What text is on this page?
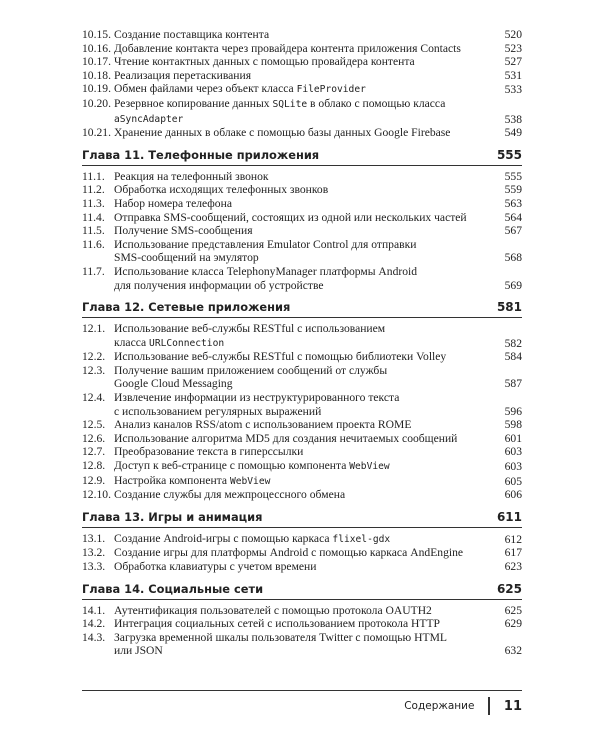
10.15. Создание поставщика контента	520
10.16. Добавление контакта через провайдера контента приложения Contacts	523
10.17. Чтение контактных данных с помощью провайдера контента	527
10.18. Реализация перетаскивания	531
10.19. Обмен файлами через объект класса FileProvider	533
10.20. Резервное копирование данных SQLite в облако с помощью класса
aSyncAdapter	538
10.21. Хранение данных в облаке с помощью базы данных Google Firebase	549
Глава 11. Телефонные приложения	555
11.1. Реакция на телефонный звонок	555
11.2. Обработка исходящих телефонных звонков	559
11.3. Набор номера телефона	563
11.4. Отправка SMS-сообщений, состоящих из одной или нескольких частей	564
11.5. Получение SMS-сообщения	567
11.6. Использование представления Emulator Control для отправки
SMS-сообщений на эмулятор	568
11.7. Использование класса TelephonyManager платформы Android
для получения информации об устройстве	569
Глава 12. Сетевые приложения	581
12.1. Использование веб-службы RESTful с использованием
класса URLConnection	582
12.2. Использование веб-службы RESTful с помощью библиотеки Volley	584
12.3. Получение вашим приложением сообщений от службы
Google Cloud Messaging	587
12.4. Извлечение информации из неструктурированного текста
с использованием регулярных выражений	596
12.5. Анализ каналов RSS/atom с использованием проекта ROME	598
12.6. Использование алгоритма MD5 для создания нечитаемых сообщений	601
12.7. Преобразование текста в гиперссылки	603
12.8. Доступ к веб-странице с помощью компонента WebView	603
12.9. Настройка компонента WebView	605
12.10. Создание службы для межпроцессного обмена	606
Глава 13. Игры и анимация	611
13.1. Создание Android-игры с помощью каркаса flixel-gdx	612
13.2. Создание игры для платформы Android с помощью каркаса AndEngine	617
13.3. Обработка клавиатуры с учетом времени	623
Глава 14. Социальные сети	625
14.1. Аутентификация пользователей с помощью протокола OAUTH2	625
14.2. Интеграция социальных сетей с использованием протокола HTTP	629
14.3. Загрузка временной шкалы пользователя Twitter с помощью HTML
или JSON	632
Содержание 11
